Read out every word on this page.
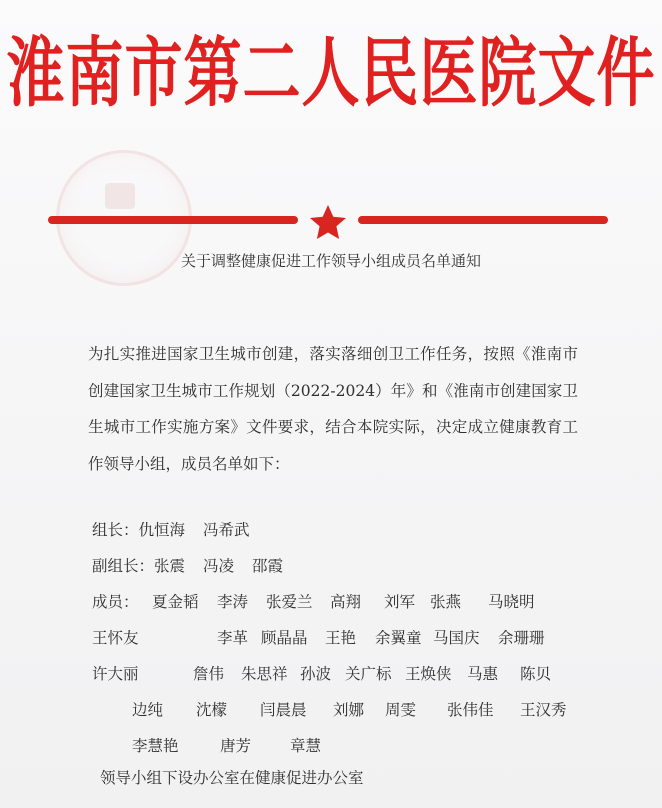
淮南市第二人民医院文件
关于调整健康促进工作领导小组成员名单通知
为扎实推进国家卫生城市创建，落实落细创卫工作任务，按照《淮南市创建国家卫生城市工作规划（2022-2024）年》和《淮南市创建国家卫生城市工作实施方案》文件要求，结合本院实际，决定成立健康教育工作领导小组，成员名单如下：
组长：仇恒海 冯希武
副组长：张震 冯凌 邵霞
成员： 夏金韬 李涛 张爱兰 高翔 刘军 张燕 马晓明
王怀友	李革 顾晶晶 王艳 余翼童 马国庆 余珊珊
许大丽	詹伟 朱思祥 孙波 关广标 王焕侠 马惠 陈贝
边纯 沈檬 闫晨晨 刘娜 周雯 张伟佳 王汉秀
李慧艳	唐芳	章慧
领导小组下设办公室在健康促进办公室
